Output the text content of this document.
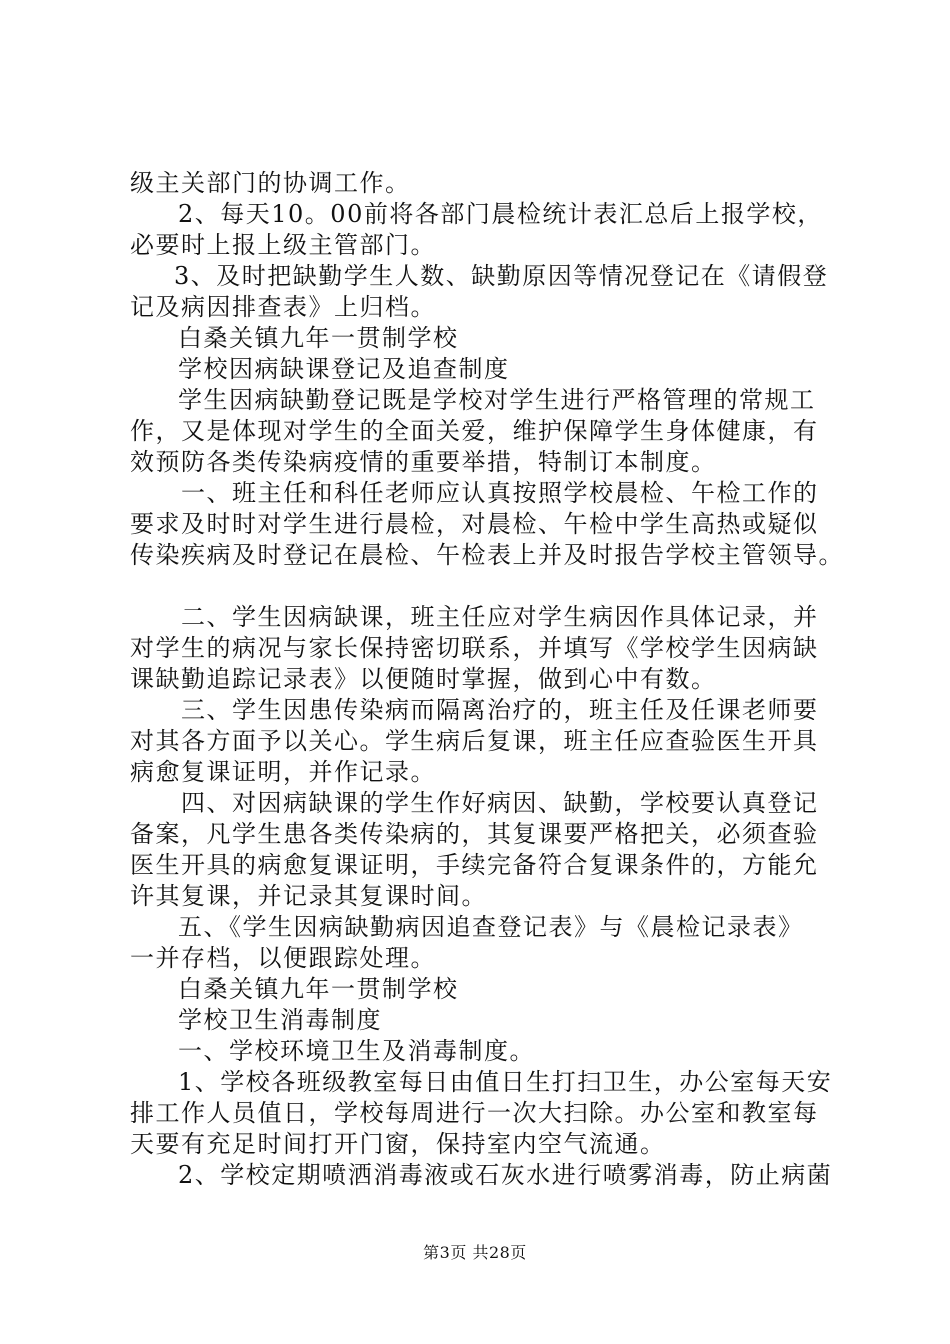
级主关部门的协调工作。

2、每天10。00前将各部门晨检统计表汇总后上报学校，

必要时上报上级主管部门。

3、及时把缺勤学生人数、缺勤原因等情况登记在《请假登

记及病因排查表》上归档。

白桑关镇九年一贯制学校

学校因病缺课登记及追查制度

学生因病缺勤登记既是学校对学生进行严格管理的常规工

作，又是体现对学生的全面关爱，维护保障学生身体健康，有

效预防各类传染病疫情的重要举措，特制订本制度。

一、班主任和科任老师应认真按照学校晨检、午检工作的

要求及时时对学生进行晨检，对晨检、午检中学生高热或疑似

传染疾病及时登记在晨检、午检表上并及时报告学校主管领导。

二、学生因病缺课，班主任应对学生病因作具体记录，并

对学生的病况与家长保持密切联系，并填写《学校学生因病缺

课缺勤追踪记录表》以便随时掌握，做到心中有数。

三、学生因患传染病而隔离治疗的，班主任及任课老师要

对其各方面予以关心。学生病后复课，班主任应查验医生开具

病愈复课证明，并作记录。

四、对因病缺课的学生作好病因、缺勤，学校要认真登记

备案，凡学生患各类传染病的，其复课要严格把关，必须查验

医生开具的病愈复课证明，手续完备符合复课条件的，方能允

许其复课，并记录其复课时间。

五、《学生因病缺勤病因追查登记表》与《晨检记录表》

一并存档，以便跟踪处理。

白桑关镇九年一贯制学校

学校卫生消毒制度

一、学校环境卫生及消毒制度。

1、学校各班级教室每日由值日生打扫卫生，办公室每天安

排工作人员值日，学校每周进行一次大扫除。办公室和教室每

天要有充足时间打开门窗，保持室内空气流通。

2、学校定期喷洒消毒液或石灰水进行喷雾消毒，防止病菌

第3页 共28页
